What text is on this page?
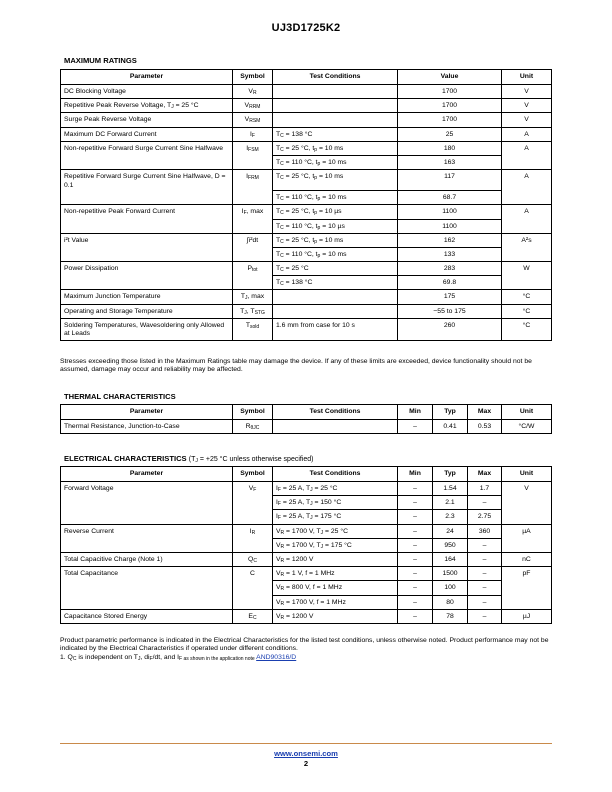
UJ3D1725K2
MAXIMUM RATINGS
Parameter	Symbol	Test Conditions	Value	Unit
DC Blocking Voltage	$V_R$		1700	V
Repetitive Peak Reverse Voltage, $T_J = 25$ °C	$V_{RRM}$		1700	V
Surge Peak Reverse Voltage	$V_{RSM}$		1700	V
Maximum DC Forward Current	$I_F$	$T_C = 138$ °C	25	A
Non-repetitive Forward Surge Current Sine Halfwave	$I_{FSM}$	$T_C = 25$ °C, $t_p = 10$ ms	180	A
		$T_C = 110$ °C, $t_p = 10$ ms	163	
Repetitive Forward Surge Current Sine Halfwave, D = 0.1	$I_{FRM}$	$T_C = 25$ °C, $t_p = 10$ ms	117	A
		$T_C = 110$ °C, $t_p = 10$ ms	68.7	
Non-repetitive Peak Forward Current	$I_F$, max	$T_C = 25$ °C, $t_p = 10$ µs	1100	A
		$T_C = 110$ °C, $t_p = 10$ µs	1100	
i²t Value	∫i²dt	$T_C = 25$ °C, $t_p = 10$ ms	162	A²s
		$T_C = 110$ °C, $t_p = 10$ ms	133	
Power Dissipation	$P_{tot}$	$T_C = 25$ °C	283	W
		$T_C = 138$ °C	69.8	
Maximum Junction Temperature	$T_J$, max		175	°C
Operating and Storage Temperature	$T_J$, $T_{STG}$		−55 to 175	°C
Soldering Temperatures, Wavesoldering only Allowed at Leads	$T_{sold}$	1.6 mm from case for 10 s	260	°C
Stresses exceeding those listed in the Maximum Ratings table may damage the device. If any of these limits are exceeded, device functionality should not be assumed, damage may occur and reliability may be affected.
THERMAL CHARACTERISTICS
Parameter	Symbol	Test Conditions	Min	Typ	Max	Unit
Thermal Resistance, Junction-to-Case	$R_{\theta JC}$		–	0.41	0.53	°C/W
ELECTRICAL CHARACTERISTICS ($T_J = +25$ °C unless otherwise specified)
Parameter	Symbol	Test Conditions	Min	Typ	Max	Unit
Forward Voltage	$V_F$	$I_F = 25$ A, $T_J = 25$ °C	–	1.54	1.7	V
		$I_F = 25$ A, $T_J = 150$ °C	–	2.1	–	
		$I_F = 25$ A, $T_J = 175$ °C	–	2.3	2.75	
Reverse Current	$I_R$	$V_R = 1700$ V, $T_J = 25$ °C	–	24	360	µA
		$V_R = 1700$ V, $T_J = 175$ °C	–	950	–	
Total Capacitive Charge (Note 1)	$Q_C$	$V_R = 1200$ V	–	164	–	nC
Total Capacitance	C	$V_R = 1$ V, f = 1 MHz	–	1500	–	pF
		$V_R = 800$ V, f = 1 MHz	–	100	–	
		$V_R = 1700$ V, f = 1 MHz	–	80	–	
Capacitance Stored Energy	$E_C$	$V_R = 1200$ V	–	78	–	µJ
Product parametric performance is indicated in the Electrical Characteristics for the listed test conditions, unless otherwise noted. Product performance may not be indicated by the Electrical Characteristics if operated under different conditions.
1. $Q_C$ is independent on $T_J$, $di_F/dt$, and $I_{F as shown in the application note}$ AND90316/D
www.onsemi.com
2
